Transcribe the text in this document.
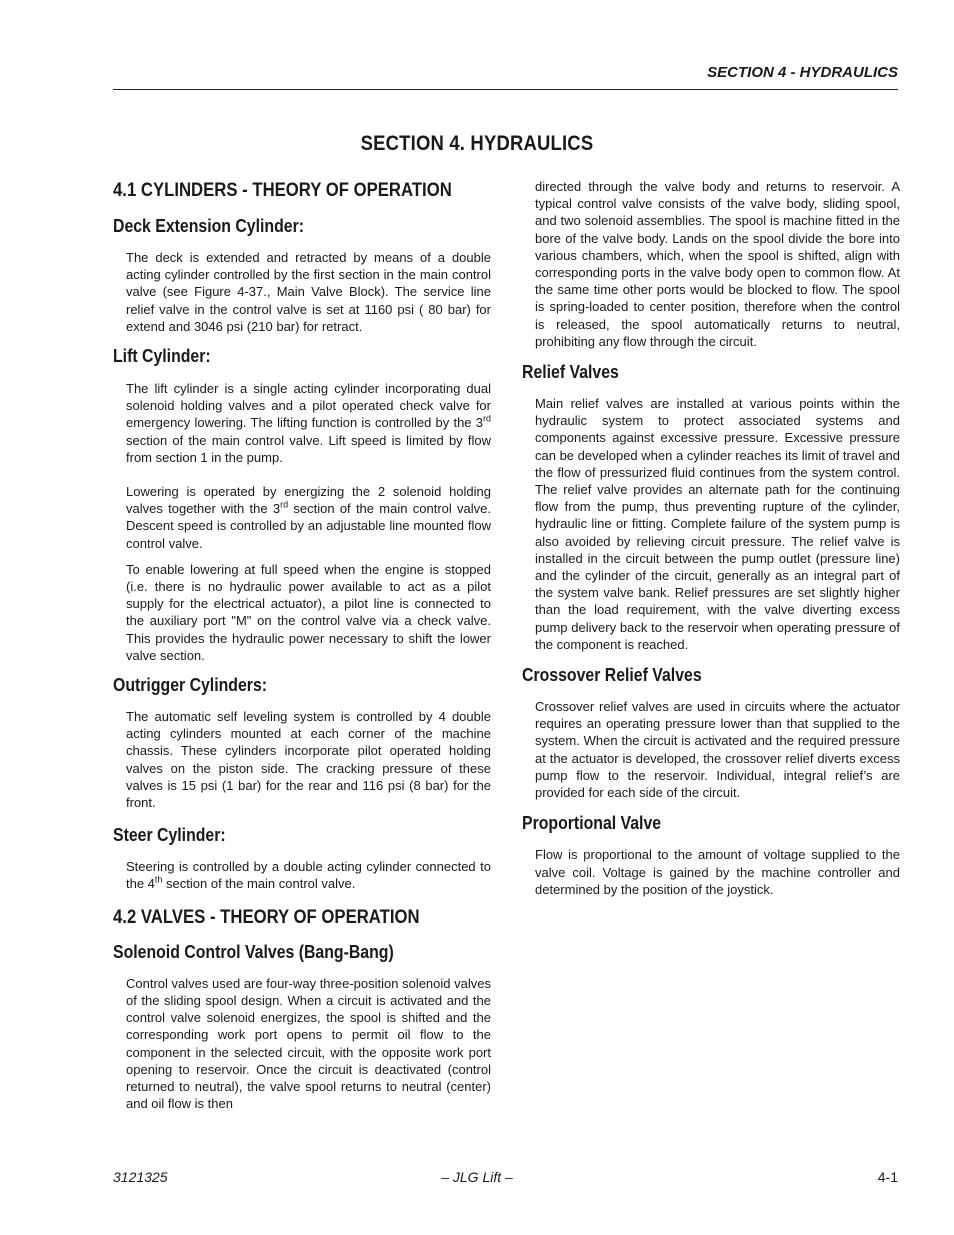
SECTION 4 - HYDRAULICS
SECTION 4. HYDRAULICS
4.1 CYLINDERS - THEORY OF OPERATION
Deck Extension Cylinder:

The deck is extended and retracted by means of a double acting cylinder controlled by the first section in the main control valve (see Figure 4-37., Main Valve Block). The service line relief valve in the control valve is set at 1160 psi ( 80 bar) for extend and 3046 psi (210 bar) for retract.

Lift Cylinder:

The lift cylinder is a single acting cylinder incorporating dual solenoid holding valves and a pilot operated check valve for emergency lowering. The lifting function is controlled by the 3rd section of the main control valve. Lift speed is limited by flow from section 1 in the pump.

Lowering is operated by energizing the 2 solenoid holding valves together with the 3rd section of the main control valve. Descent speed is controlled by an adjustable line mounted flow control valve.

To enable lowering at full speed when the engine is stopped (i.e. there is no hydraulic power available to act as a pilot supply for the electrical actuator), a pilot line is connected to the auxiliary port "M" on the control valve via a check valve. This provides the hydraulic power necessary to shift the lower valve section.

Outrigger Cylinders:

The automatic self leveling system is controlled by 4 double acting cylinders mounted at each corner of the machine chassis. These cylinders incorporate pilot operated holding valves on the piston side. The cracking pressure of these valves is 15 psi (1 bar) for the rear and 116 psi (8 bar) for the front.

Steer Cylinder:

Steering is controlled by a double acting cylinder connected to the 4th section of the main control valve.

4.2 VALVES - THEORY OF OPERATION
Solenoid Control Valves (Bang-Bang)

Control valves used are four-way three-position solenoid valves of the sliding spool design. When a circuit is activated and the control valve solenoid energizes, the spool is shifted and the corresponding work port opens to permit oil flow to the component in the selected circuit, with the opposite work port opening to reservoir. Once the circuit is deactivated (control returned to neutral), the valve spool returns to neutral (center) and oil flow is then

directed through the valve body and returns to reservoir. A typical control valve consists of the valve body, sliding spool, and two solenoid assemblies. The spool is machine fitted in the bore of the valve body. Lands on the spool divide the bore into various chambers, which, when the spool is shifted, align with corresponding ports in the valve body open to common flow. At the same time other ports would be blocked to flow. The spool is spring-loaded to center position, therefore when the control is released, the spool automatically returns to neutral, prohibiting any flow through the circuit.

Relief Valves

Main relief valves are installed at various points within the hydraulic system to protect associated systems and components against excessive pressure. Excessive pressure can be developed when a cylinder reaches its limit of travel and the flow of pressurized fluid continues from the system control. The relief valve provides an alternate path for the continuing flow from the pump, thus preventing rupture of the cylinder, hydraulic line or fitting. Complete failure of the system pump is also avoided by relieving circuit pressure. The relief valve is installed in the circuit between the pump outlet (pressure line) and the cylinder of the circuit, generally as an integral part of the system valve bank. Relief pressures are set slightly higher than the load requirement, with the valve diverting excess pump delivery back to the reservoir when operating pressure of the component is reached.

Crossover Relief Valves

Crossover relief valves are used in circuits where the actuator requires an operating pressure lower than that supplied to the system. When the circuit is activated and the required pressure at the actuator is developed, the crossover relief diverts excess pump flow to the reservoir. Individual, integral relief’s are provided for each side of the circuit.

Proportional Valve

Flow is proportional to the amount of voltage supplied to the valve coil. Voltage is gained by the machine controller and determined by the position of the joystick.

3121325	– JLG Lift –	4-1
